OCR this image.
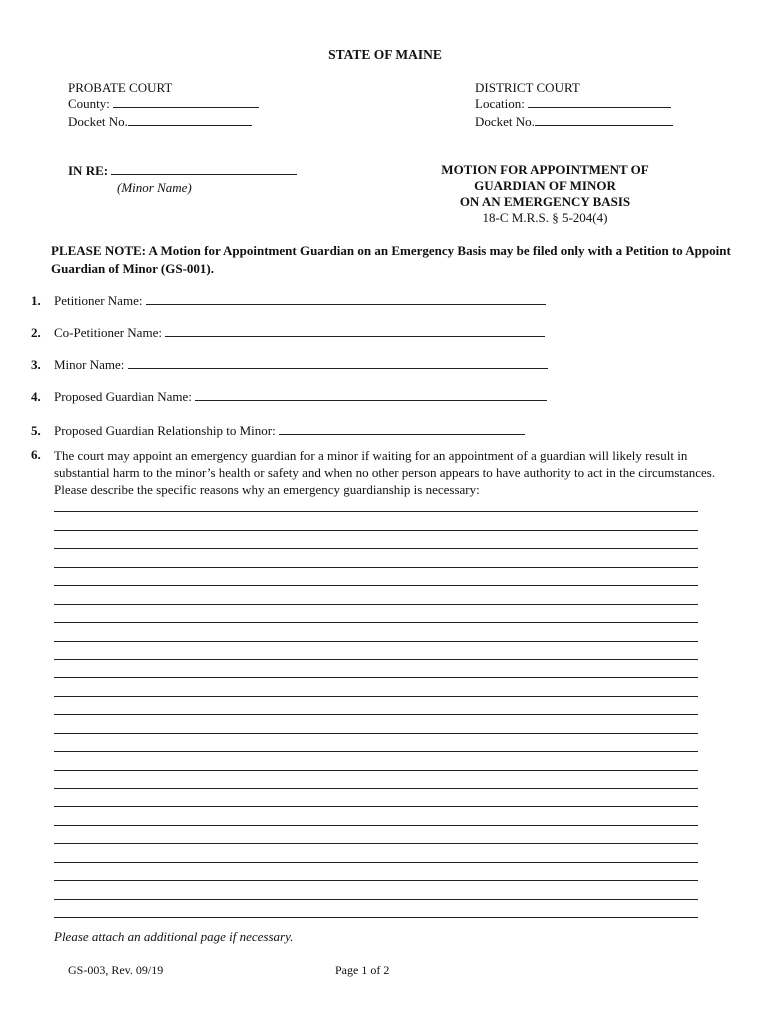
STATE OF MAINE
PROBATE COURT
County:
Docket No.
DISTRICT COURT
Location:
Docket No.
IN RE:
(Minor Name)
MOTION FOR APPOINTMENT OF
GUARDIAN OF MINOR
ON AN EMERGENCY BASIS
18-C M.R.S. § 5-204(4)
PLEASE NOTE: A Motion for Appointment Guardian on an Emergency Basis may be filed only with a Petition to Appoint Guardian of Minor (GS-001).
1. Petitioner Name:
2. Co-Petitioner Name:
3. Minor Name:
4. Proposed Guardian Name:
5. Proposed Guardian Relationship to Minor:
6. The court may appoint an emergency guardian for a minor if waiting for an appointment of a guardian will likely result in substantial harm to the minor’s health or safety and when no other person appears to have authority to act in the circumstances. Please describe the specific reasons why an emergency guardianship is necessary:
Please attach an additional page if necessary.
GS-003, Rev. 09/19	Page 1 of 2
